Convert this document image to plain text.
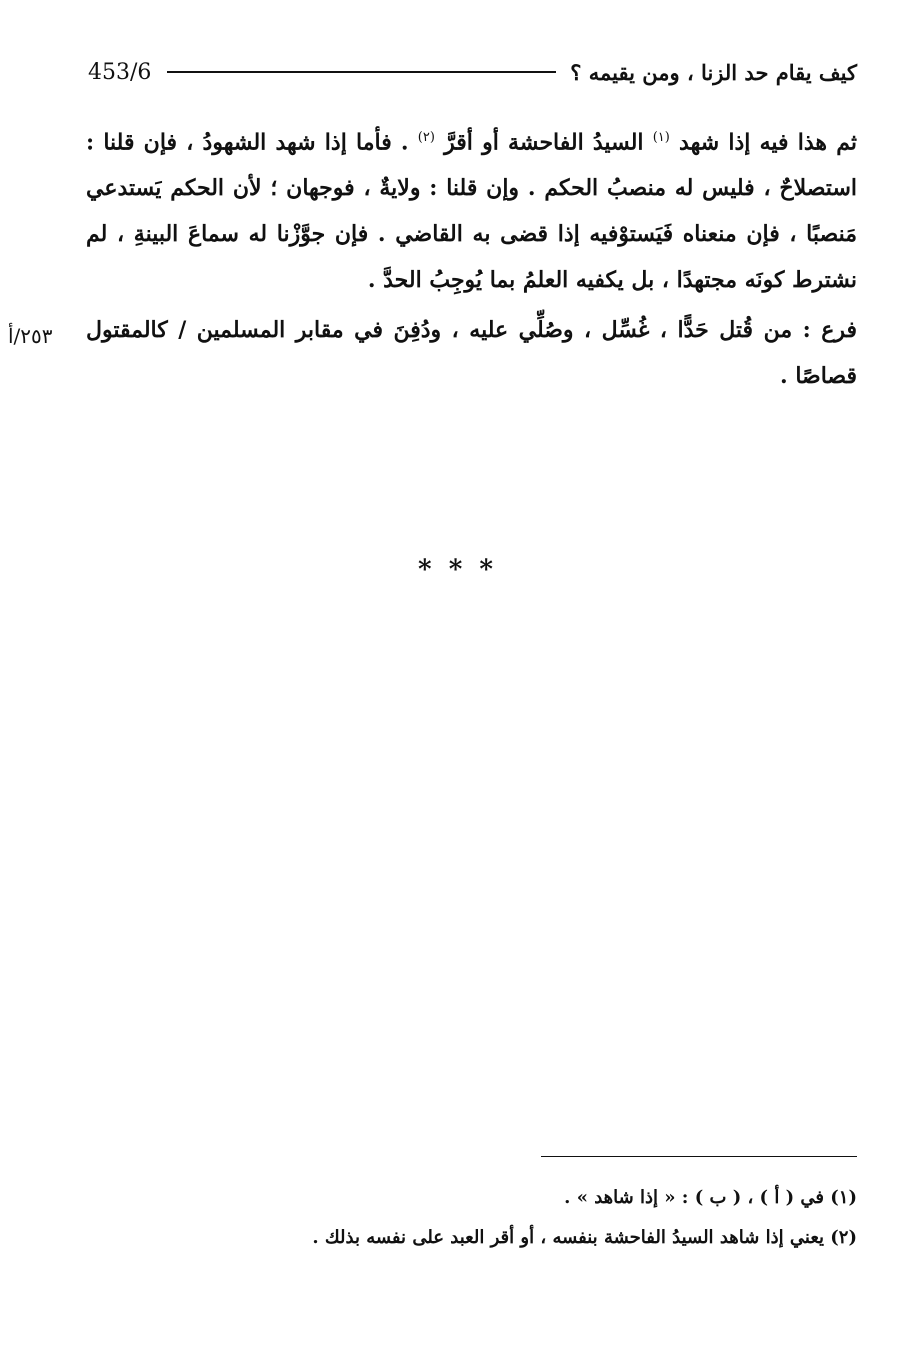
كيف يقام حد الزنا ، ومن يقيمه ؟
453/6

ثم هذا فيه إذا شهد $^{(١)}$ السيدُ الفاحشة أو أقرَّ $^{(٢)}$ . فأما إذا شهد الشهودُ ، فإن قلنا : استصلاحٌ ، فليس له منصبُ الحكم . وإن قلنا : ولايةٌ ، فوجهان ؛ لأن الحكم يَستدعي مَنصبًا ، فإن منعناه فَيَستوْفيه إذا قضى به القاضي . فإن جوَّزْنا له سماعَ البينةِ ، لم نشترط كونَه مجتهدًا ، بل يكفيه العلمُ بما يُوجِبُ الحدَّ .

فرع : من قُتل حَدًّا ، غُسِّل ، وصُلِّي عليه ، ودُفِنَ في مقابر المسلمين / كالمقتول قصاصًا .
٢٥٣/أ

* * *

(١) في ( أ ) ، ( ب ) : « إذا شاهد » .

(٢) يعني إذا شاهد السيدُ الفاحشة بنفسه ، أو أقر العبد على نفسه بذلك .
